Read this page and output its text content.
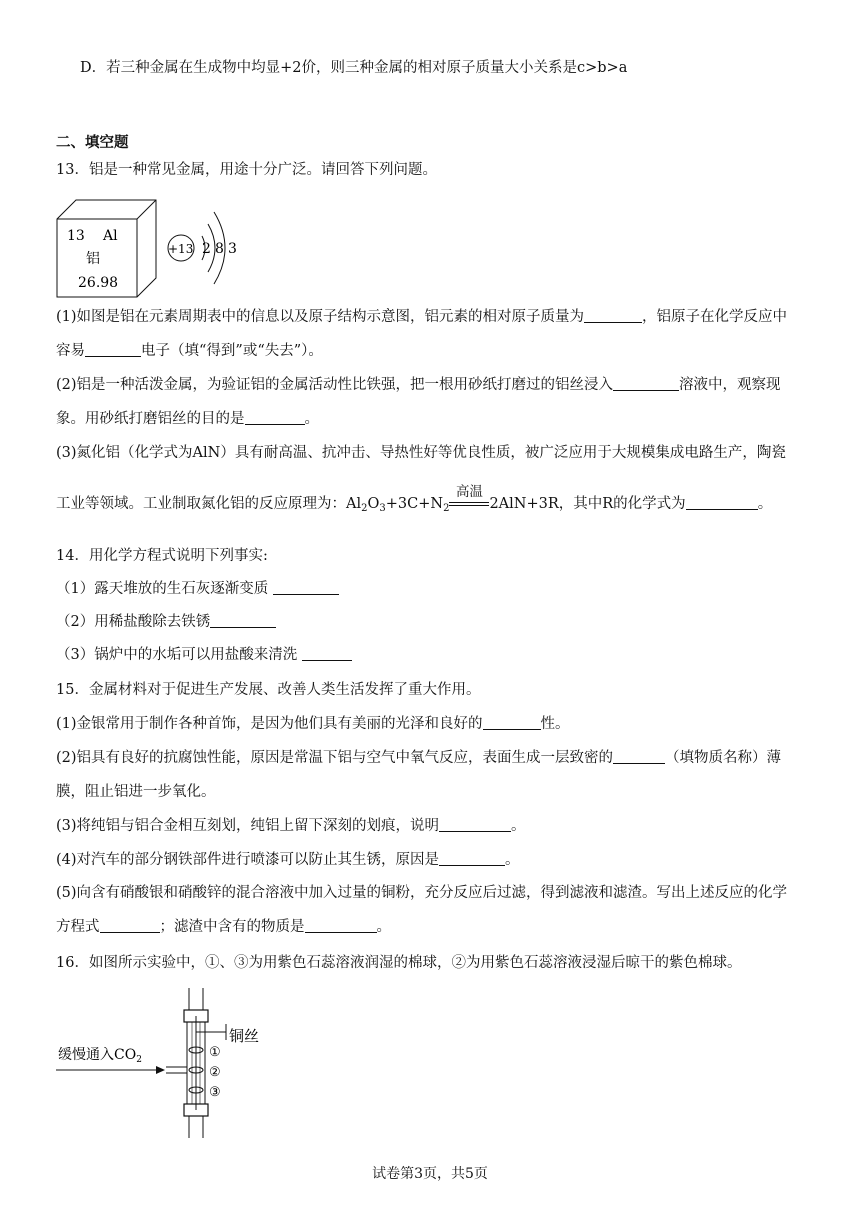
D．若三种金属在生成物中均显+2价，则三种金属的相对原子质量大小关系是c>b>a
二、填空题
13．铝是一种常见金属，用途十分广泛。请回答下列问题。
13 Al
铝
26.98
+13 2 8 3
(1)如图是铝在元素周期表中的信息以及原子结构示意图，铝元素的相对原子质量为	，铝原子在化学反应中
容易	电子（填“得到”或“失去”）。
(2)铝是一种活泼金属，为验证铝的金属活动性比铁强，把一根用砂纸打磨过的铝丝浸入	溶液中，观察现
象。用砂纸打磨铝丝的目的是	。
(3)氮化铝（化学式为AlN）具有耐高温、抗冲击、导热性好等优良性质，被广泛应用于大规模集成电路生产，陶瓷
工业等领域。工业制取氮化铝的反应原理为：$Al_2O_3+3C+N_2$
高温
2AlN+3R，其中R的化学式为	。
14．用化学方程式说明下列事实:
（1）露天堆放的生石灰逐渐变质
（2）用稀盐酸除去铁锈
（3）锅炉中的水垢可以用盐酸来清洗
15．金属材料对于促进生产发展、改善人类生活发挥了重大作用。
(1)金银常用于制作各种首饰，是因为他们具有美丽的光泽和良好的	性。
(2)铝具有良好的抗腐蚀性能，原因是常温下铝与空气中氧气反应，表面生成一层致密的	（填物质名称）薄
膜，阻止铝进一步氧化。
(3)将纯铝与铝合金相互刻划，纯铝上留下深刻的划痕，说明	。
(4)对汽车的部分钢铁部件进行喷漆可以防止其生锈，原因是	。
(5)向含有硝酸银和硝酸锌的混合溶液中加入过量的铜粉，充分反应后过滤，得到滤液和滤渣。写出上述反应的化学
方程式	；滤渣中含有的物质是	。
16．如图所示实验中，①、③为用紫色石蕊溶液润湿的棉球，②为用紫色石蕊溶液浸湿后晾干的紫色棉球。
铜丝
①
②
③
缓慢通入$CO_2$
试卷第3页，共5页
